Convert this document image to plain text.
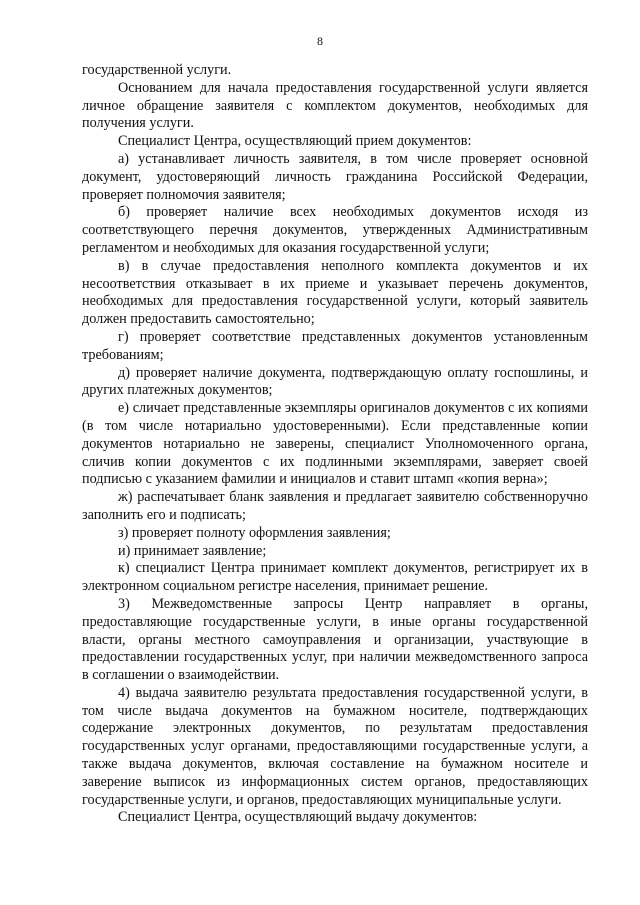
8

государственной услуги.

Основанием для начала предоставления государственной услуги является личное обращение заявителя с комплектом документов, необходимых для получения услуги.

Специалист Центра, осуществляющий прием документов:

а) устанавливает личность заявителя, в том числе проверяет основной документ, удостоверяющий личность гражданина Российской Федерации, проверяет полномочия заявителя;

б) проверяет наличие всех необходимых документов исходя из соответствующего перечня документов, утвержденных Административным регламентом и необходимых для оказания государственной услуги;

в) в случае предоставления неполного комплекта документов и их несоответствия отказывает в их приеме и указывает перечень документов, необходимых для предоставления государственной услуги, который заявитель должен предоставить самостоятельно;

г) проверяет соответствие представленных документов установленным требованиям;

д) проверяет наличие документа, подтверждающую оплату госпошлины, и других платежных документов;

е) сличает представленные экземпляры оригиналов документов с их копиями (в том числе нотариально удостоверенными). Если представленные копии документов нотариально не заверены, специалист Уполномоченного органа, сличив копии документов с их подлинными экземплярами, заверяет своей подписью с указанием фамилии и инициалов и ставит штамп «копия верна»;

ж) распечатывает бланк заявления и предлагает заявителю собственноручно заполнить его и подписать;

з) проверяет полноту оформления заявления;

и) принимает заявление;

к) специалист Центра принимает комплект документов, регистрирует их в электронном социальном регистре населения, принимает решение.

3) Межведомственные запросы Центр направляет в органы, предоставляющие государственные услуги, в иные органы государственной власти, органы местного самоуправления и организации, участвующие в предоставлении государственных услуг, при наличии межведомственного запроса в соглашении о взаимодействии.

4) выдача заявителю результата предоставления государственной услуги, в том числе выдача документов на бумажном носителе, подтверждающих содержание электронных документов, по результатам предоставления государственных услуг органами, предоставляющими государственные услуги, а также выдача документов, включая составление на бумажном носителе и заверение выписок из информационных систем органов, предоставляющих государственные услуги, и органов, предоставляющих муниципальные услуги.

Специалист Центра, осуществляющий выдачу документов:
